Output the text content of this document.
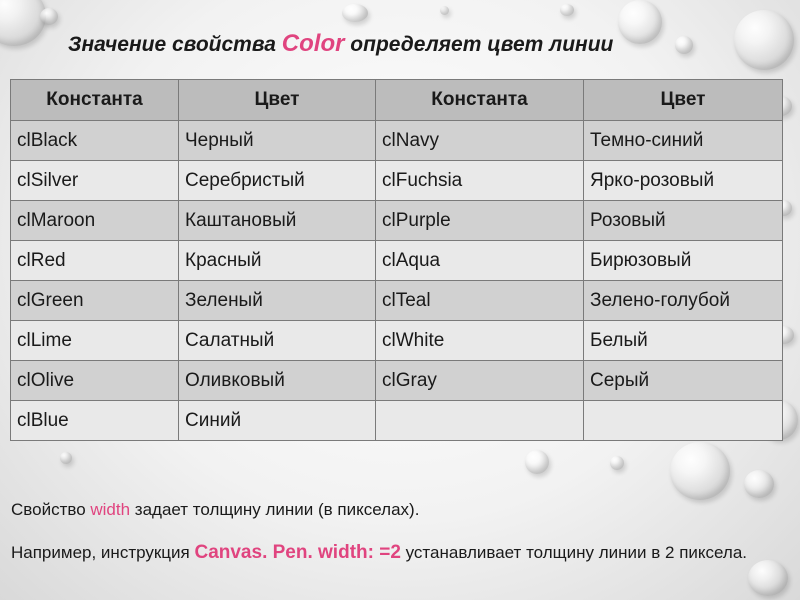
Значение свойства Color определяет цвет линии
Константа	Цвет	Константа	Цвет
clBlack	Черный	clNavy	Темно-синий
clSilver	Серебристый	clFuchsia	Ярко-розовый
clMaroon	Каштановый	clPurple	Розовый
clRed	Красный	clAqua	Бирюзовый
clGreen	Зеленый	clTeal	Зелено-голубой
clLime	Салатный	clWhite	Белый
clOlive	Оливковый	clGray	Серый
clBlue	Синий		
Свойство width задает толщину линии (в пикселах).
Например, инструкция Canvas. Pen. width: =2 устанавливает толщину линии в 2 пиксела.
